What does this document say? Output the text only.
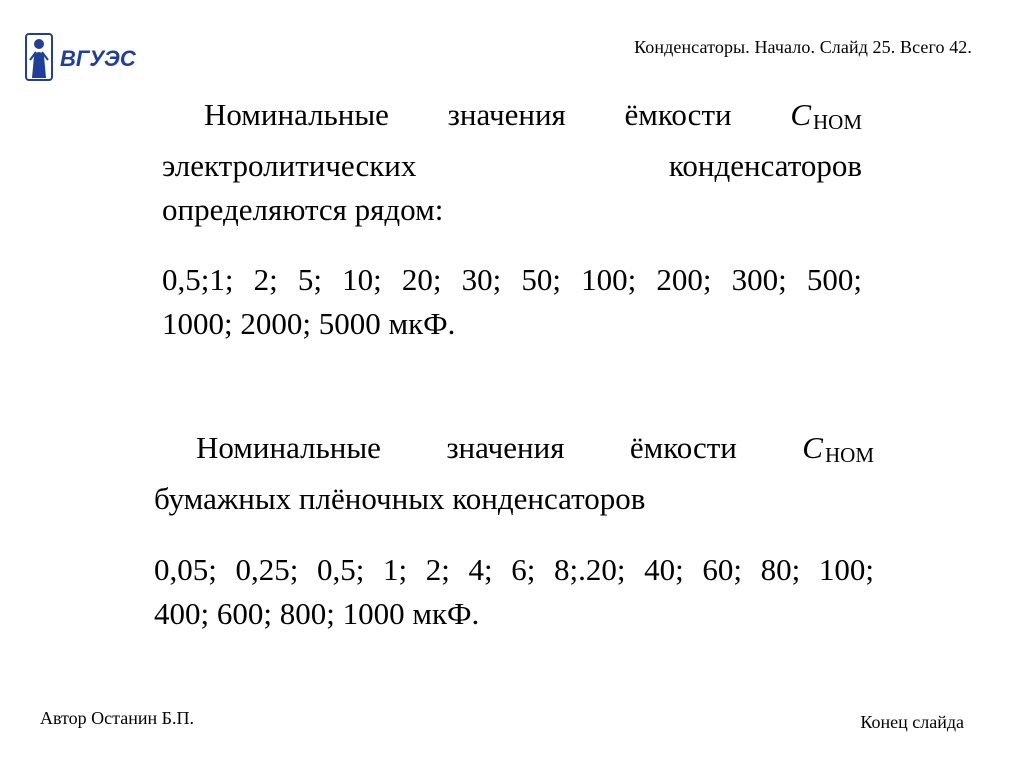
ВГУЭС	Конденсаторы. Начало. Слайд 25. Всего 42.
Номинальные значения ёмкости CНОМ
электролитических	конденсаторов
определяются рядом:
0,5;1; 2; 5; 10; 20; 30; 50; 100; 200; 300; 500;
1000; 2000; 5000 мкФ.
Номинальные значения ёмкости CНОМ
бумажных плёночных конденсаторов
0,05; 0,25; 0,5; 1; 2; 4; 6; 8;.20; 40; 60; 80; 100;
400; 600; 800; 1000 мкФ.
Автор Останин Б.П.	Конец слайда
